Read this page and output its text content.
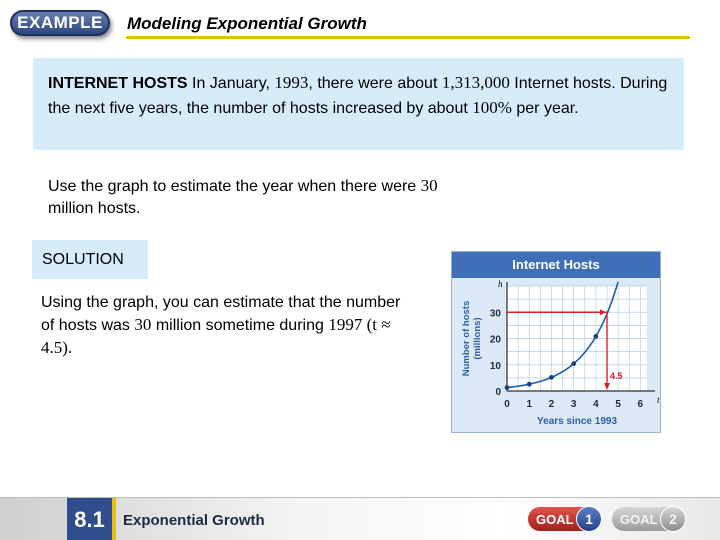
EXAMPLE	Modeling Exponential Growth
INTERNET HOSTS In January, 1993, there were about 1,313,000 Internet hosts. During the next five years, the number of hosts increased by about 100% per year.
Use the graph to estimate the year when there were 30 million hosts.
SOLUTION
Using the graph, you can estimate that the number of hosts was 30 million sometime during 1997 (t ≈ 4.5).
Internet Hosts
h
t
0 1 2 3 4 5 6
0
10
20
30
Years since 1993
Number of hosts(millions)
4.5
8.1	Exponential Growth	GOAL 1	GOAL 2
